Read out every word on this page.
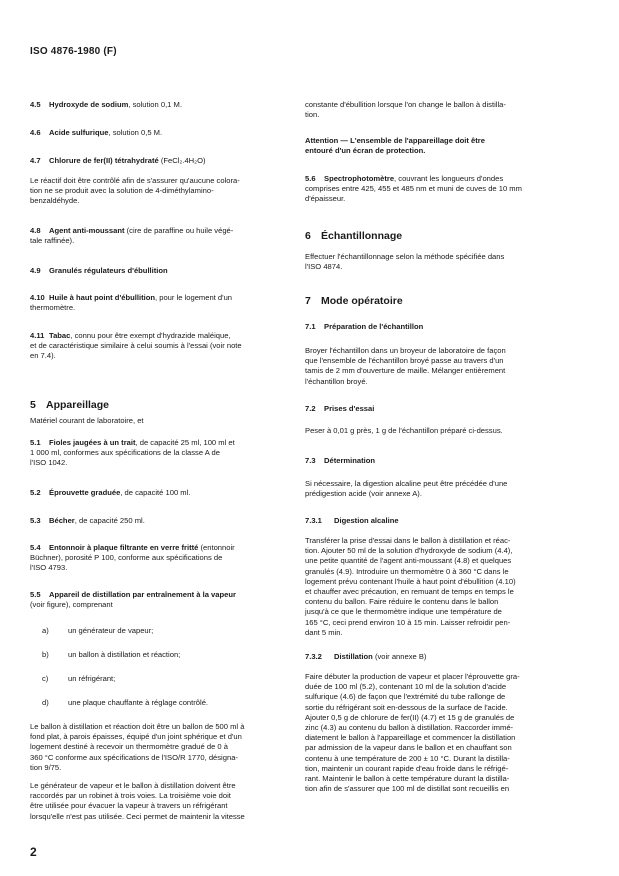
ISO 4876-1980 (F)
4.5 Hydroxyde de sodium, solution 0,1 M.
4.6 Acide sulfurique, solution 0,5 M.
4.7 Chlorure de fer(II) tétrahydraté (FeCl₂.4H₂O)

Le réactif doit être contrôlé afin de s'assurer qu'aucune colora-

tion ne se produit avec la solution de 4-diméthylamino-

benzaldéhyde.

4.8 Agent anti-moussant (cire de paraffine ou huile végé-

tale raffinée).

4.9 Granulés régulateurs d'ébullition

4.10 Huile à haut point d'ébullition, pour le logement d'un

thermomètre.

4.11 Tabac, connu pour être exempt d'hydrazide maléique,

et de caractéristique similaire à celui soumis à l'essai (voir note

en 7.4).

5 Appareillage
Matériel courant de laboratoire, et

5.1 Fioles jaugées à un trait, de capacité 25 ml, 100 ml et

1 000 ml, conformes aux spécifications de la classe A de

l'ISO 1042.

5.2 Éprouvette graduée, de capacité 100 ml.
5.3 Bécher, de capacité 250 ml.

5.4 Entonnoir à plaque filtrante en verre fritté (entonnoir

Büchner), porosité P 100, conforme aux spécifications de

l'ISO 4793.

5.5 Appareil de distillation par entraînement à la vapeur

(voir figure), comprenant

a)	un générateur de vapeur;
b)	un ballon à distillation et réaction;
c)	un réfrigérant;
d)	une plaque chauffante à réglage contrôlé.

Le ballon à distillation et réaction doit être un ballon de 500 ml à

fond plat, à parois épaisses, équipé d'un joint sphérique et d'un

logement destiné à recevoir un thermomètre gradué de 0 à

360 °C conforme aux spécifications de l'ISO/R 1770, désigna-

tion 9/75.

Le générateur de vapeur et le ballon à distillation doivent être

raccordés par un robinet à trois voies. La troisième voie doit

être utilisée pour évacuer la vapeur à travers un réfrigérant

lorsqu'elle n'est pas utilisée. Ceci permet de maintenir la vitesse

constante d'ébullition lorsque l'on change le ballon à distilla-

tion.

Attention — L'ensemble de l'appareillage doit être

entouré d'un écran de protection.

5.6 Spectrophotomètre, couvrant les longueurs d'ondes

comprises entre 425, 455 et 485 nm et muni de cuves de 10 mm

d'épaisseur.

6 Échantillonnage

Effectuer l'échantillonnage selon la méthode spécifiée dans

l'ISO 4874.

7 Mode opératoire
7.1 Préparation de l'échantillon

Broyer l'échantillon dans un broyeur de laboratoire de façon

que l'ensemble de l'échantillon broyé passe au travers d'un

tamis de 2 mm d'ouverture de maille. Mélanger entièrement

l'échantillon broyé.

7.2 Prises d'essai
Peser à 0,01 g près, 1 g de l'échantillon préparé ci-dessus.
7.3 Détermination

Si nécessaire, la digestion alcaline peut être précédée d'une

prédigestion acide (voir annexe A).

7.3.1 Digestion alcaline

Transférer la prise d'essai dans le ballon à distillation et réac-

tion. Ajouter 50 ml de la solution d'hydroxyde de sodium (4.4),

une petite quantité de l'agent anti-moussant (4.8) et quelques

granulés (4.9). Introduire un thermomètre 0 à 360 °C dans le

logement prévu contenant l'huile à haut point d'ébullition (4.10)

et chauffer avec précaution, en remuant de temps en temps le

contenu du ballon. Faire réduire le contenu dans le ballon

jusqu'à ce que le thermomètre indique une température de

165 °C, ceci prend environ 10 à 15 min. Laisser refroidir pen-

dant 5 min.

7.3.2 Distillation (voir annexe B)

Faire débuter la production de vapeur et placer l'éprouvette gra-

duée de 100 ml (5.2), contenant 10 ml de la solution d'acide

sulfurique (4.6) de façon que l'extrémité du tube rallonge de

sortie du réfrigérant soit en-dessous de la surface de l'acide.

Ajouter 0,5 g de chlorure de fer(II) (4.7) et 15 g de granulés de

zinc (4.3) au contenu du ballon à distillation. Raccorder immé-

diatement le ballon à l'appareillage et commencer la distillation

par admission de la vapeur dans le ballon et en chauffant son

contenu à une température de 200 ± 10 °C. Durant la distilla-

tion, maintenir un courant rapide d'eau froide dans le réfrigé-

rant. Maintenir le ballon à cette température durant la distilla-

tion afin de s'assurer que 100 ml de distillat sont recueillis en

2
